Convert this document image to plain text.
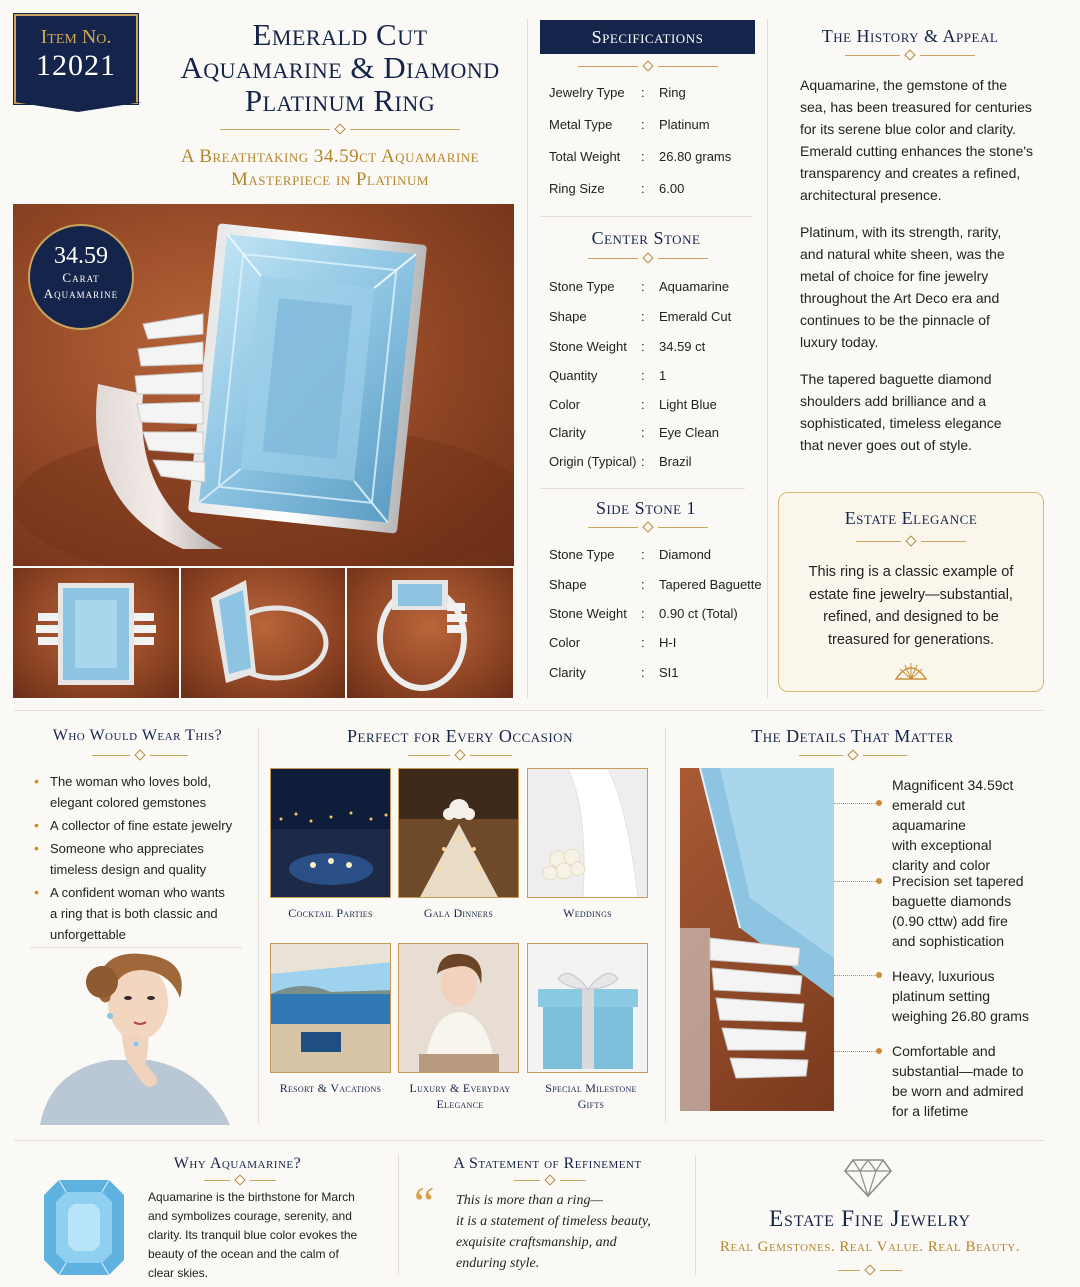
Item No.
12021
Emerald Cut
Aquamarine & Diamond
Platinum Ring
A Breathtaking 34.59ct Aquamarine
Masterpiece in Platinum
34.59
Carat
Aquamarine
Specifications
Jewelry Type : Ring
Metal Type : Platinum
Total Weight : 26.80 grams
Ring Size	: 6.00
Center Stone
Stone Type : Aquamarine
Shape	: Emerald Cut
Stone Weight : 34.59 ct
Quantity	: 1
Color	: Light Blue
Clarity	: Eye Clean
Origin (Typical) : Brazil
Side Stone 1
Stone Type : Diamond
Shape	: Tapered Baguette
Stone Weight : 0.90 ct (Total)
Color	: H-I
Clarity	: SI1
The History & Appeal
Aquamarine, the gemstone of the
sea, has been treasured for centuries
for its serene blue color and clarity.
Emerald cutting enhances the stone's
transparency and creates a refined,
architectural presence.
Platinum, with its strength, rarity,
and natural white sheen, was the
metal of choice for fine jewelry
throughout the Art Deco era and
continues to be the pinnacle of
luxury today.
The tapered baguette diamond
shoulders add brilliance and a
sophisticated, timeless elegance
that never goes out of style.
Estate Elegance
This ring is a classic example of
estate fine jewelry—substantial,
refined, and designed to be
treasured for generations.
Who Would Wear This?
• The woman who loves bold,
elegant colored gemstones
• A collector of fine estate jewelry
• Someone who appreciates
timeless design and quality
• A confident woman who wants
a ring that is both classic and
unforgettable
Perfect for Every Occasion
Cocktail Parties	Gala Dinners	Weddings
Resort & Vacations	Luxury & Everyday
Elegance
Special Milestone
Gifts
The Details That Matter
Magnificent 34.59ct
emerald cut aquamarine
with exceptional
clarity and color
Precision set tapered
baguette diamonds
(0.90 cttw) add fire
and sophistication
Heavy, luxurious
platinum setting
weighing 26.80 grams
Comfortable and
substantial—made to
be worn and admired
for a lifetime
Why Aquamarine?
Aquamarine is the birthstone for March
and symbolizes courage, serenity, and
clarity. Its tranquil blue color evokes the
beauty of the ocean and the calm of
clear skies.
A Statement of Refinement
“ This is more than a ring—
it is a statement of timeless beauty,
exquisite craftsmanship, and
enduring style.
Estate Fine Jewelry
Real Gemstones. Real Value. Real Beauty.
